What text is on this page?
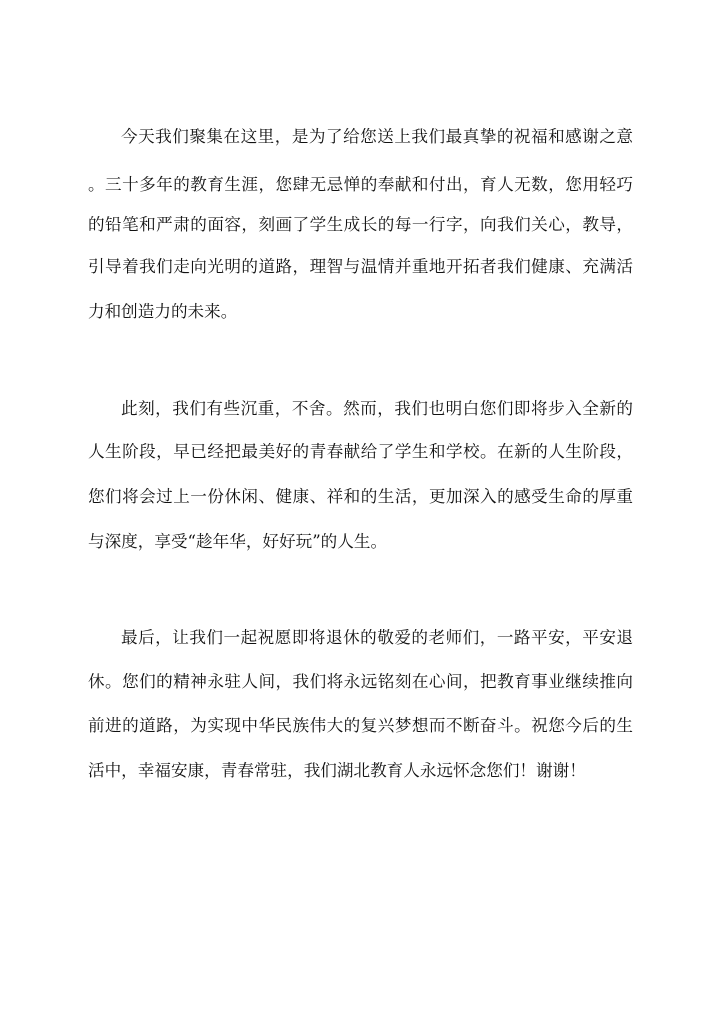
今天我们聚集在这里，是为了给您送上我们最真挚的祝福和感谢之意
。三十多年的教育生涯，您肆无忌惮的奉献和付出，育人无数，您用轻巧
的铅笔和严肃的面容，刻画了学生成长的每一行字，向我们关心，教导，
引导着我们走向光明的道路，理智与温情并重地开拓者我们健康、充满活
力和创造力的未来。
此刻，我们有些沉重，不舍。然而，我们也明白您们即将步入全新的
人生阶段，早已经把最美好的青春献给了学生和学校。在新的人生阶段，
您们将会过上一份休闲、健康、祥和的生活，更加深入的感受生命的厚重
与深度，享受“趁年华，好好玩”的人生。
最后，让我们一起祝愿即将退休的敬爱的老师们，一路平安，平安退
休。您们的精神永驻人间，我们将永远铭刻在心间，把教育事业继续推向
前进的道路，为实现中华民族伟大的复兴梦想而不断奋斗。祝您今后的生
活中，幸福安康，青春常驻，我们湖北教育人永远怀念您们！谢谢！
